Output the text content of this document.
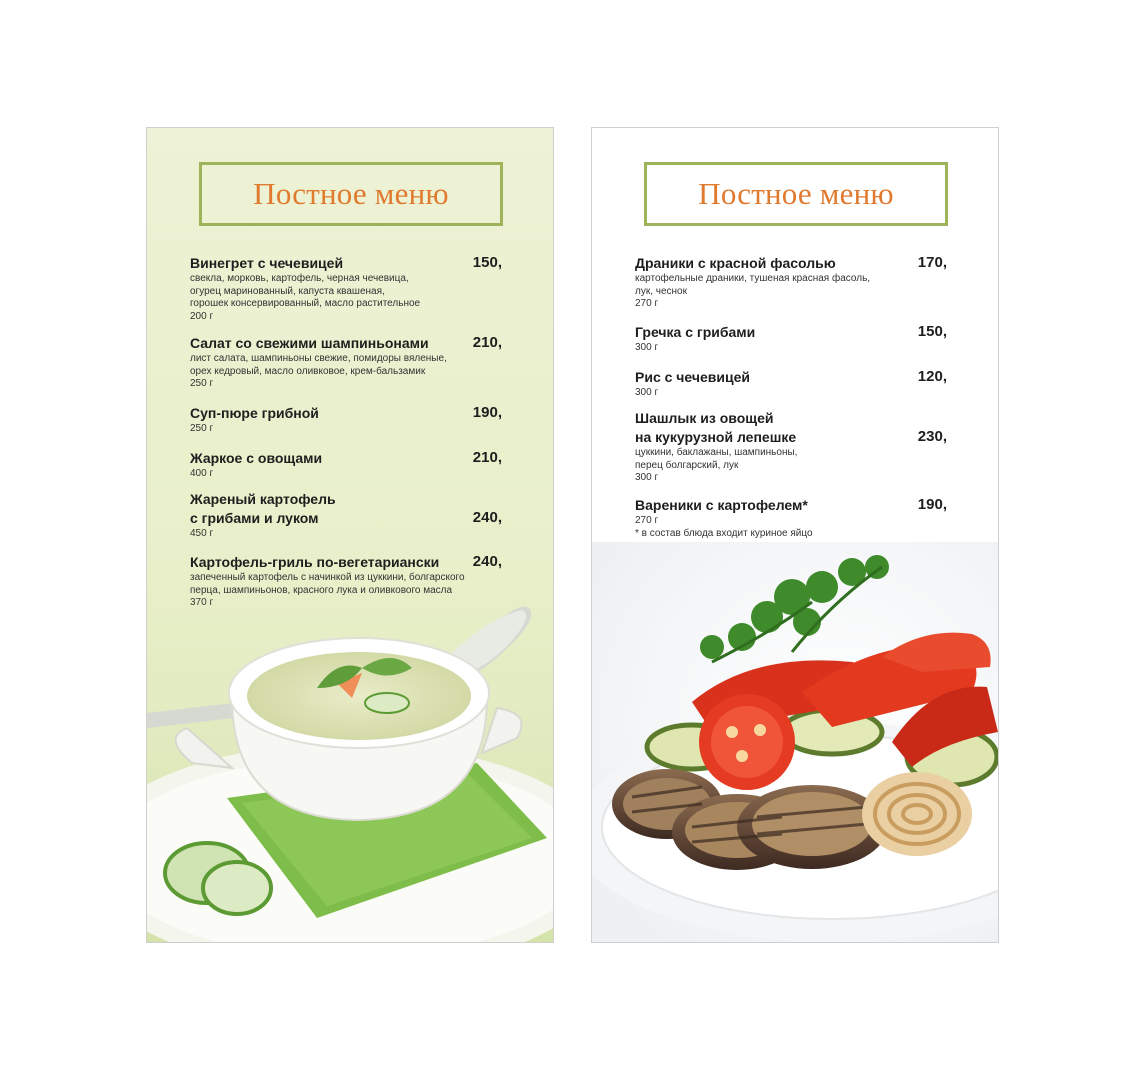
Постное меню
150,
Винегрет с чечевицей
свекла, морковь, картофель, черная чечевица,
огурец маринованный, капуста квашеная,
горошек консервированный, масло растительное
200 г
210,
Салат со свежими шампиньонами
лист салата, шампиньоны свежие, помидоры вяленые,
орех кедровый, масло оливковое, крем-бальзамик
250 г
190,
Суп-пюре грибной
250 г
210,
Жаркое с овощами
400 г
240,
Жареный картофель
с грибами и луком
450 г
240,
Картофель-гриль по-вегетариански
запеченный картофель с начинкой из цуккини, болгарского
Постное меню
170,
Драники с красной фасолью
картофельные драники, тушеная красная фасоль,
лук, чеснок
270 г
150,
Гречка с грибами
300 г
120,
Рис с чечевицей
300 г
230,
Шашлык из овощей
на кукурузной лепешке
цуккини, баклажаны, шампиньоны,
перец болгарский, лук
300 г
190,
Вареники с картофелем*
270 г
* в состав блюда входит куриное яйцо
